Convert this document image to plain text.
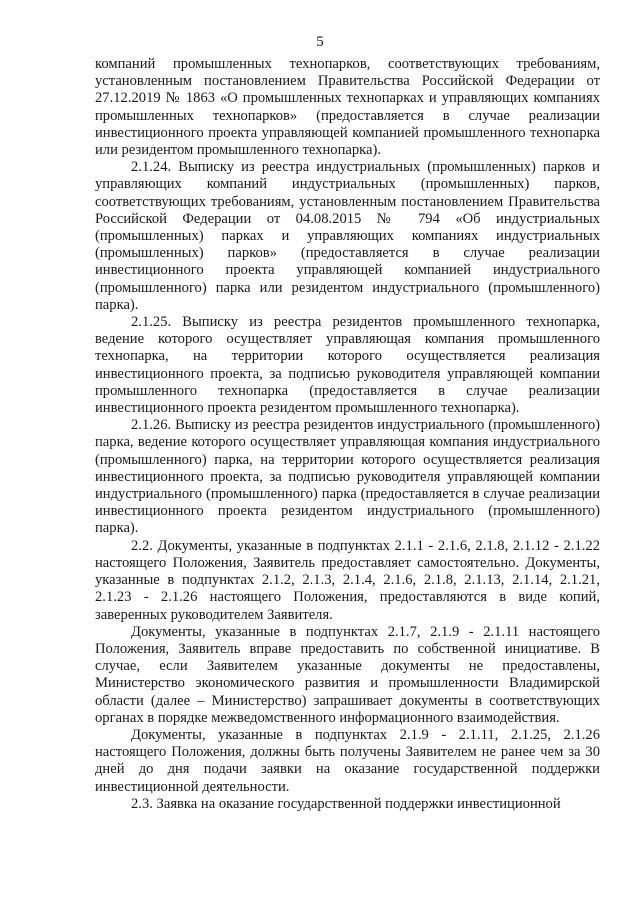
5

компаний промышленных технопарков, соответствующих требованиям, установленным постановлением Правительства Российской Федерации от 27.12.2019 № 1863 «О промышленных технопарках и управляющих компаниях промышленных технопарков» (предоставляется в случае реализации инвестиционного проекта управляющей компанией промышленного технопарка или резидентом промышленного технопарка).

2.1.24. Выписку из реестра индустриальных (промышленных) парков и управляющих компаний индустриальных (промышленных) парков, соответствующих требованиям, установленным постановлением Правительства Российской Федерации от 04.08.2015 № 794 «Об индустриальных (промышленных) парках и управляющих компаниях индустриальных (промышленных) парков» (предоставляется в случае реализации инвестиционного проекта управляющей компанией индустриального (промышленного) парка или резидентом индустриального (промышленного) парка).

2.1.25. Выписку из реестра резидентов промышленного технопарка, ведение которого осуществляет управляющая компания промышленного технопарка, на территории которого осуществляется реализация инвестиционного проекта, за подписью руководителя управляющей компании промышленного технопарка (предоставляется в случае реализации инвестиционного проекта резидентом промышленного технопарка).

2.1.26. Выписку из реестра резидентов индустриального (промышленного) парка, ведение которого осуществляет управляющая компания индустриального (промышленного) парка, на территории которого осуществляется реализация инвестиционного проекта, за подписью руководителя управляющей компании индустриального (промышленного) парка (предоставляется в случае реализации инвестиционного проекта резидентом индустриального (промышленного) парка).

2.2. Документы, указанные в подпунктах 2.1.1 - 2.1.6, 2.1.8, 2.1.12 - 2.1.22 настоящего Положения, Заявитель предоставляет самостоятельно. Документы, указанные в подпунктах 2.1.2, 2.1.3, 2.1.4, 2.1.6, 2.1.8, 2.1.13, 2.1.14, 2.1.21, 2.1.23 - 2.1.26 настоящего Положения, предоставляются в виде копий, заверенных руководителем Заявителя.

Документы, указанные в подпунктах 2.1.7, 2.1.9 - 2.1.11 настоящего Положения, Заявитель вправе предоставить по собственной инициативе. В случае, если Заявителем указанные документы не предоставлены, Министерство экономического развития и промышленности Владимирской области (далее – Министерство) запрашивает документы в соответствующих органах в порядке межведомственного информационного взаимодействия.

Документы, указанные в подпунктах 2.1.9 - 2.1.11, 2.1.25, 2.1.26 настоящего Положения, должны быть получены Заявителем не ранее чем за 30 дней до дня подачи заявки на оказание государственной поддержки инвестиционной деятельности.

2.3. Заявка на оказание государственной поддержки инвестиционной
